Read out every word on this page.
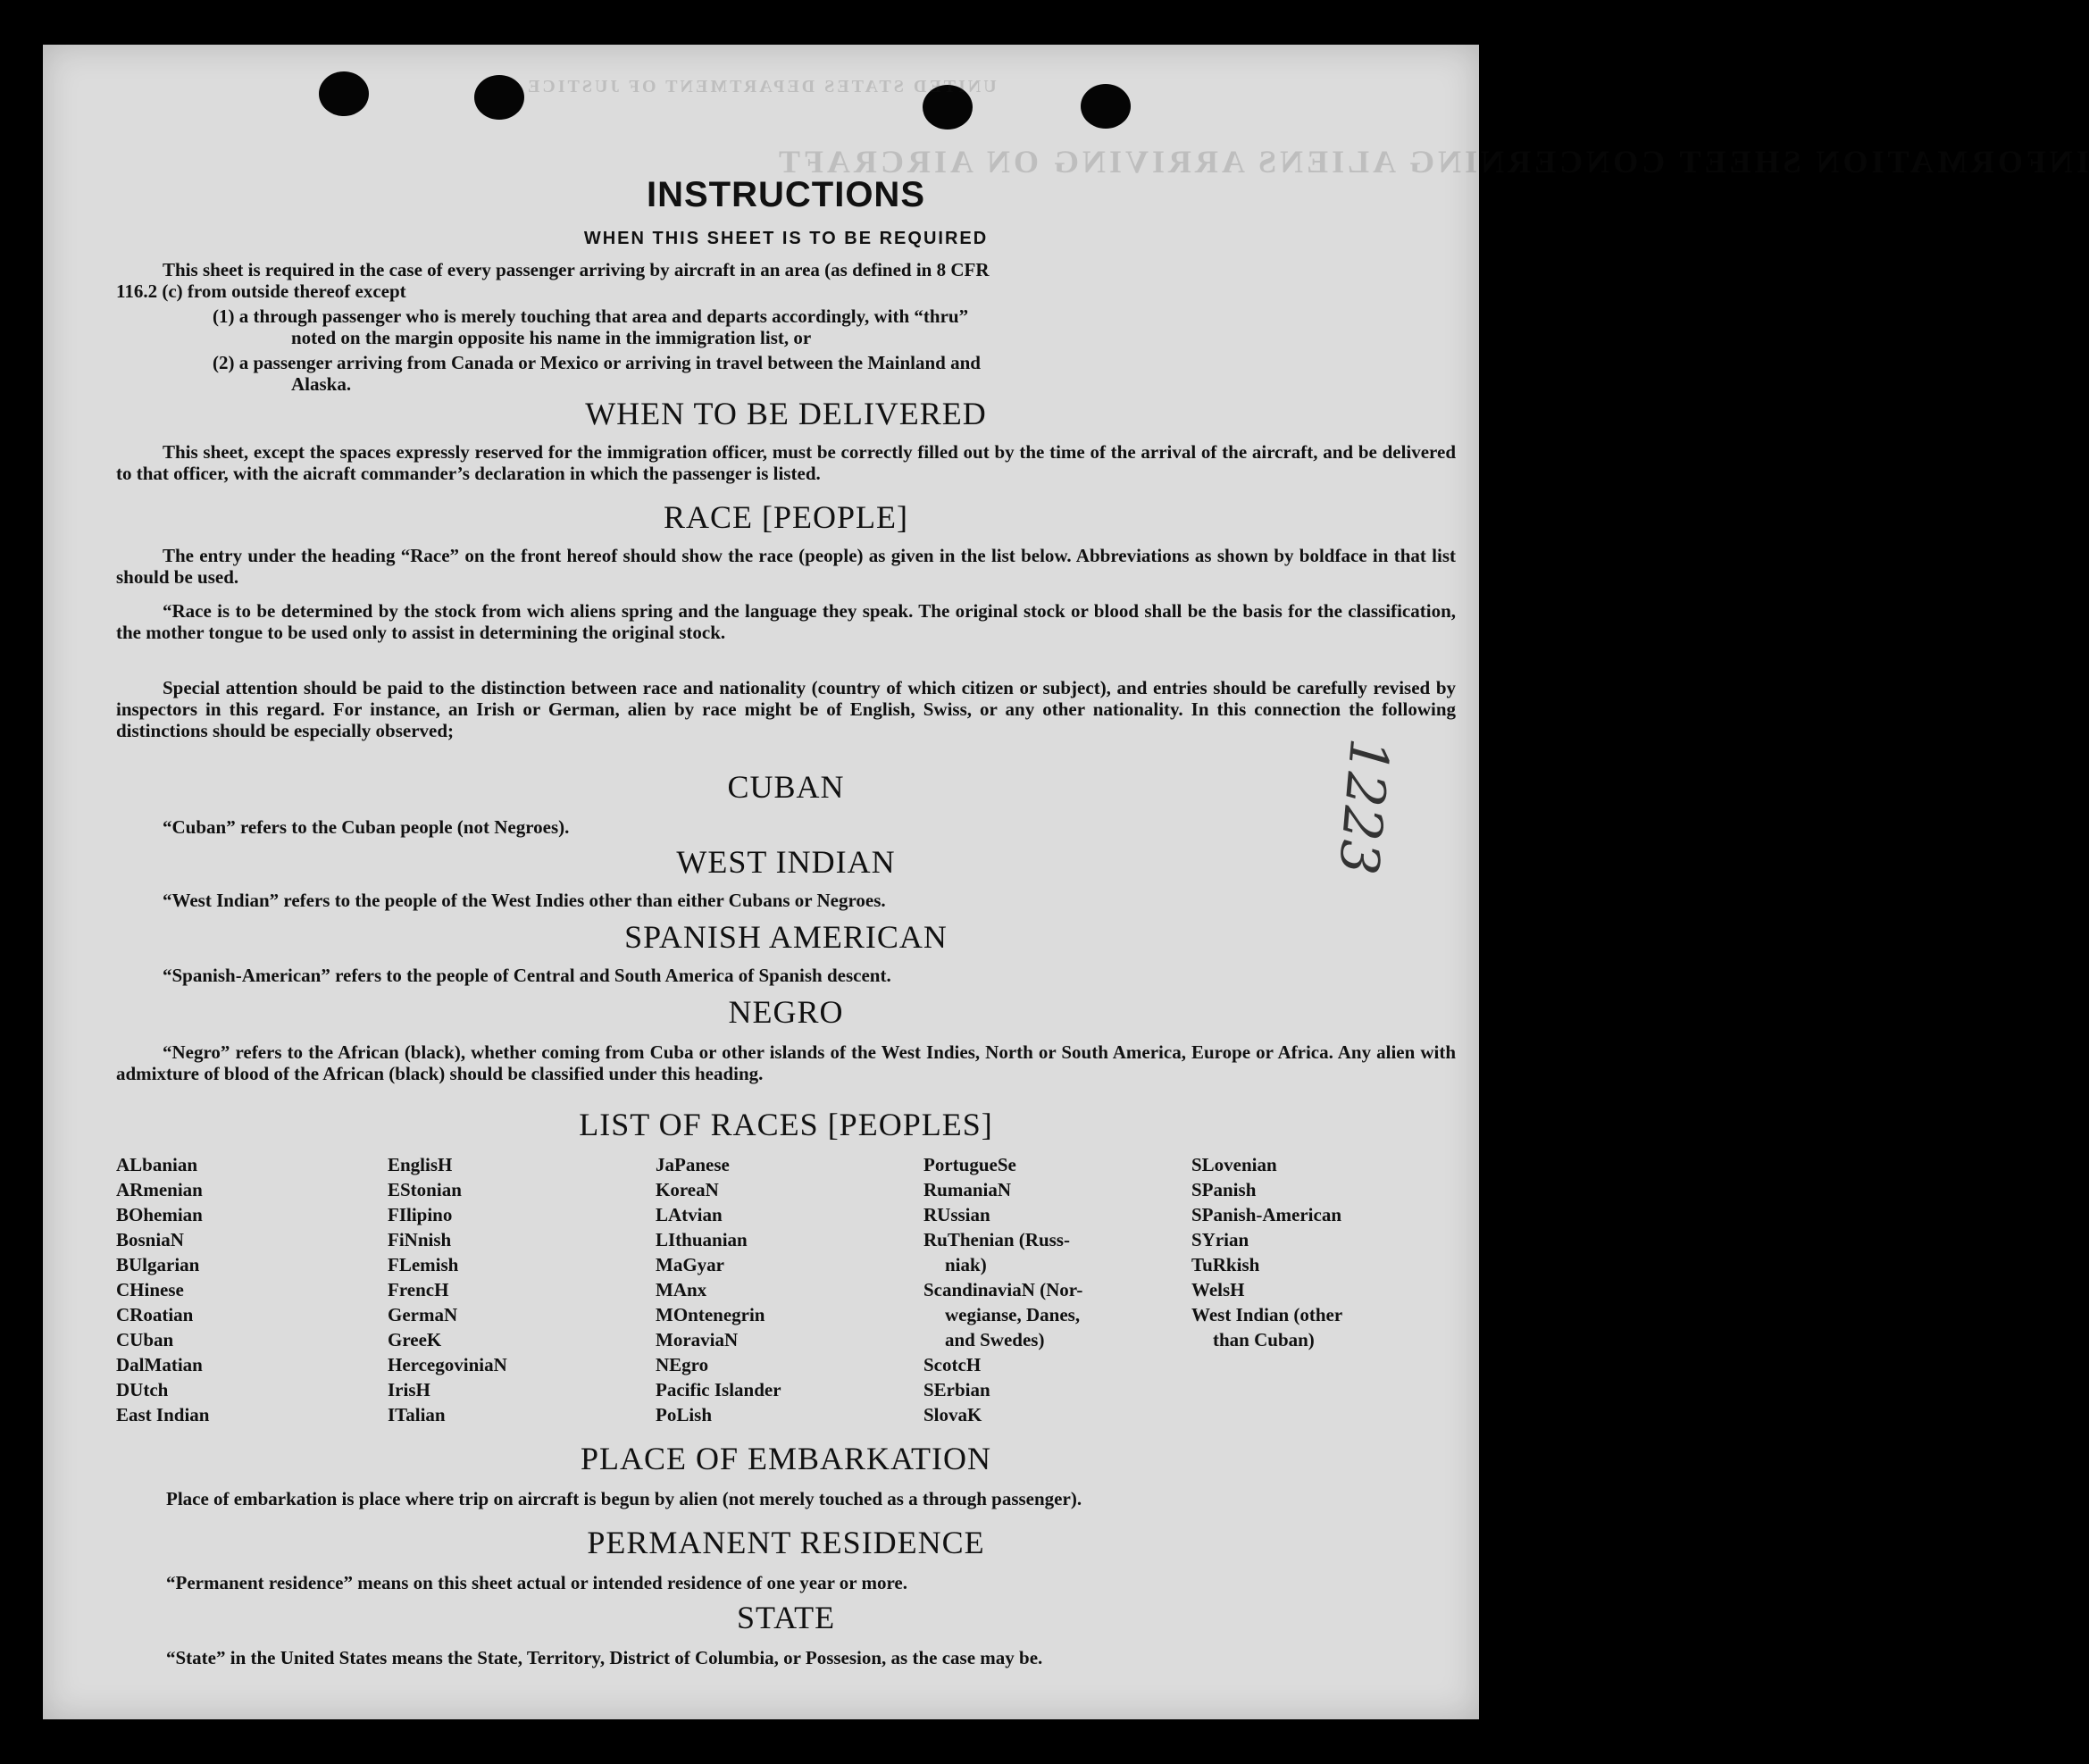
UNITED STATES DEPARTMENT OF JUSTICE
INFORMATION SHEET CONCERNING ALIENS ARRIVING ON AIRCRAFT
1223
INSTRUCTIONS
WHEN THIS SHEET IS TO BE REQUIRED
This sheet is required in the case of every passenger arriving by aircraft in an area (as defined in 8 CFR
116.2 (c) from outside thereof except
(1) a through passenger who is merely touching that area and departs accordingly, with “thru”
noted on the margin opposite his name in the immigration list, or
(2) a passenger arriving from Canada or Mexico or arriving in travel between the Mainland and
Alaska.
WHEN TO BE DELIVERED

This sheet, except the spaces expressly reserved for the immigration officer, must be correctly filled out by the time of the arrival of the aircraft, and be delivered to that officer, with the aicraft commander’s declaration in which the passenger is listed.

RACE [PEOPLE]

The entry under the heading “Race” on the front hereof should show the race (people) as given in the list below. Abbreviations as shown by boldface in that list should be used.

“Race is to be determined by the stock from wich aliens spring and the language they speak. The original stock or blood shall be the basis for the classification, the mother tongue to be used only to assist in determining the original stock.

Special attention should be paid to the distinction between race and nationality (country of which citizen or subject), and entries should be carefully revised by inspectors in this regard. For instance, an Irish or German, alien by race might be of English, Swiss, or any other nationality. In this connection the following distinctions should be especially observed;

CUBAN
“Cuban” refers to the Cuban people (not Negroes).
WEST INDIAN
“West Indian” refers to the people of the West Indies other than either Cubans or Negroes.
SPANISH AMERICAN
“Spanish-American” refers to the people of Central and South America of Spanish descent.
NEGRO

“Negro” refers to the African (black), whether coming from Cuba or other islands of the West Indies, North or South America, Europe or Africa. Any alien with admixture of blood of the African (black) should be classified under this heading.

LIST OF RACES [PEOPLES]
ALbanian
ARmenian
BOhemian
BosniaN
BUlgarian
CHinese
CRoatian
CUban
DalMatian
DUtch
East Indian
EnglisH
EStonian
FIlipino
FiNnish
FLemish
FrencH
GermaN
GreeK
HercegoviniaN
IrisH
ITalian
JaPanese
KoreaN
LAtvian
LIthuanian
MaGyar
MAnx
MOntenegrin
MoraviaN
NEgro
Pacific Islander
PoLish
PortugueSe
RumaniaN
RUssian
RuThenian (Russ-
niak)
ScandinaviaN (Nor-
wegianse, Danes,
and Swedes)
ScotcH
SErbian
SlovaK
SLovenian
SPanish
SPanish-American
SYrian
TuRkish
WelsH
West Indian (other
than Cuban)
PLACE OF EMBARKATION

Place of embarkation is place where trip on aircraft is begun by alien (not merely touched as a through passenger).

PERMANENT RESIDENCE
“Permanent residence” means on this sheet actual or intended residence of one year or more.
STATE

“State” in the United States means the State, Territory, District of Columbia, or Possesion, as the case may be.
